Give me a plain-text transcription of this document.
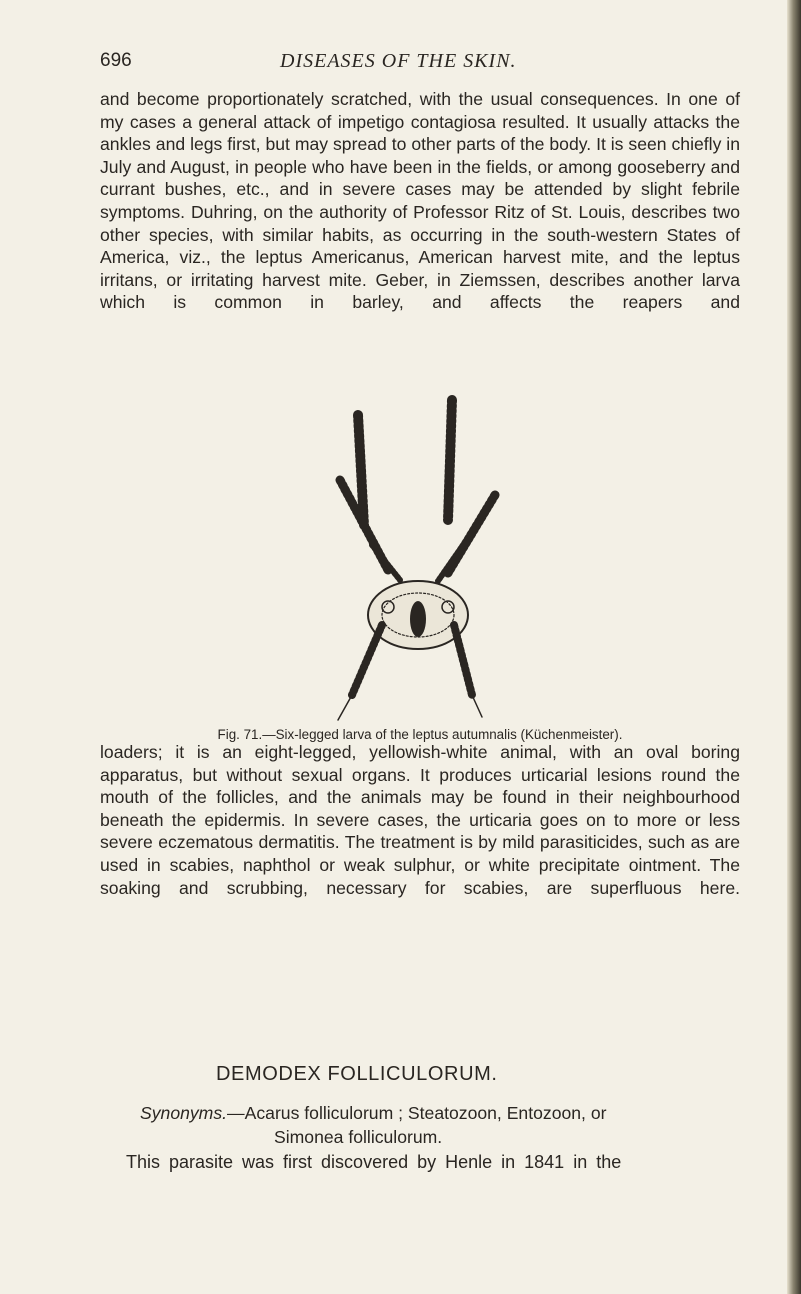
696	DISEASES OF THE SKIN.

and become proportionately scratched, with the usual consequences. In one of my cases a general attack of impetigo contagiosa resulted. It usually attacks the ankles and legs first, but may spread to other parts of the body. It is seen chiefly in July and August, in people who have been in the fields, or among gooseberry and currant bushes, etc., and in severe cases may be attended by slight febrile symptoms. Duhring, on the authority of Professor Ritz of St. Louis, describes two other species, with similar habits, as occurring in the south-western States of America, viz., the leptus Americanus, American harvest mite, and the leptus irritans, or irritating harvest mite. Geber, in Ziemssen, describes another larva which is common in barley, and affects the reapers and

Fig. 71.—Six-legged larva of the leptus autumnalis (Küchenmeister).

loaders; it is an eight-legged, yellowish-white animal, with an oval boring apparatus, but without sexual organs. It produces urticarial lesions round the mouth of the follicles, and the animals may be found in their neighbourhood beneath the epidermis. In severe cases, the urticaria goes on to more or less severe eczematous dermatitis. The treatment is by mild parasiticides, such as are used in scabies, naphthol or weak sulphur, or white precipitate ointment. The soaking and scrubbing, necessary for scabies, are superfluous here.

DEMODEX FOLLICULORUM.
Synonyms.—Acarus folliculorum ; Steatozoon, Entozoon, or
Simonea folliculorum.
This parasite was first discovered by Henle in 1841 in the
